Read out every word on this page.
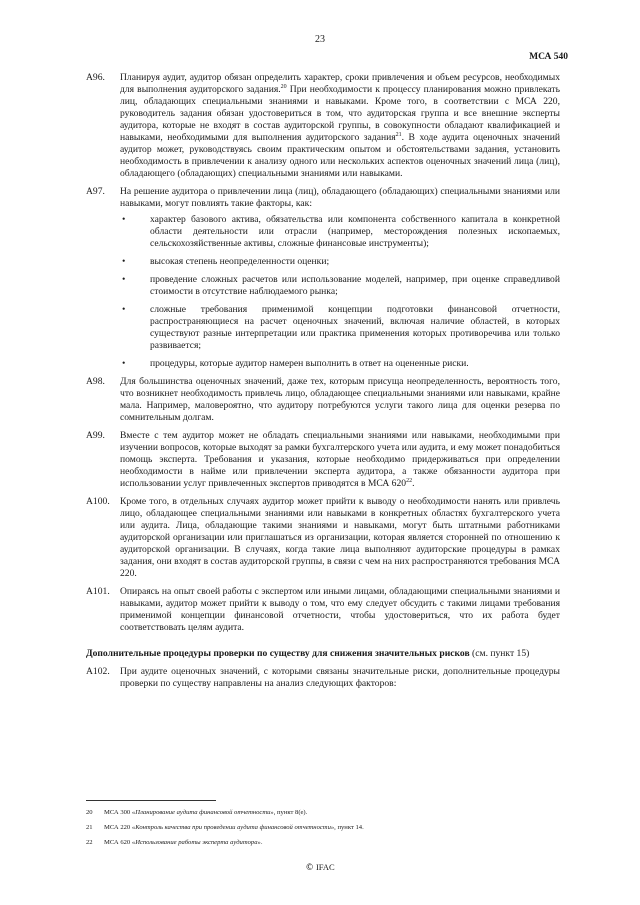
23
МСА 540
А96.	Планируя аудит, аудитор обязан определить характер, сроки привлечения и объем ресурсов, необходимых для выполнения аудиторского задания.$^{20}$ При необходимости к процессу планирования можно привлекать лиц, обладающих специальными знаниями и навыками. Кроме того, в соответствии с МСА 220, руководитель задания обязан удостовериться в том, что аудиторская группа и все внешние эксперты аудитора, которые не входят в состав аудиторской группы, в совокупности обладают квалификацией и навыками, необходимыми для выполнения аудиторского задания$^{21}$. В ходе аудита оценочных значений аудитор может, руководствуясь своим практическим опытом и обстоятельствами задания, установить необходимость в привлечении к анализу одного или нескольких аспектов оценочных значений лица (лиц), обладающего (обладающих) специальными знаниями или навыками.
А97.	На решение аудитора о привлечении лица (лиц), обладающего (обладающих) специальными знаниями или навыками, могут повлиять такие факторы, как:
•	характер базового актива, обязательства или компонента собственного капитала в конкретной области деятельности или отрасли (например, месторождения полезных ископаемых, сельскохозяйственные активы, сложные финансовые инструменты);
•	высокая степень неопределенности оценки;
•	проведение сложных расчетов или использование моделей, например, при оценке справедливой стоимости в отсутствие наблюдаемого рынка;
•	сложные требования применимой концепции подготовки финансовой отчетности, распространяющиеся на расчет оценочных значений, включая наличие областей, в которых существуют разные интерпретации или практика применения которых противоречива или только развивается;
•	процедуры, которые аудитор намерен выполнить в ответ на оцененные риски.
А98.	Для большинства оценочных значений, даже тех, которым присуща неопределенность, вероятность того, что возникнет необходимость привлечь лицо, обладающее специальными знаниями или навыками, крайне мала. Например, маловероятно, что аудитору потребуются услуги такого лица для оценки резерва по сомнительным долгам.
А99.	Вместе с тем аудитор может не обладать специальными знаниями или навыками, необходимыми при изучении вопросов, которые выходят за рамки бухгалтерского учета или аудита, и ему может понадобиться помощь эксперта. Требования и указания, которые необходимо придерживаться при определении необходимости в найме или привлечении эксперта аудитора, а также обязанности аудитора при использовании услуг привлеченных экспертов приводятся в МСА $620^{22}$.
А100.	Кроме того, в отдельных случаях аудитор может прийти к выводу о необходимости нанять или привлечь лицо, обладающее специальными знаниями или навыками в конкретных областях бухгалтерского учета или аудита. Лица, обладающие такими знаниями и навыками, могут быть штатными работниками аудиторской организации или приглашаться из организации, которая является сторонней по отношению к аудиторской организации. В случаях, когда такие лица выполняют аудиторские процедуры в рамках задания, они входят в состав аудиторской группы, в связи с чем на них распространяются требования МСА 220.
А101.	Опираясь на опыт своей работы с экспертом или иными лицами, обладающими специальными знаниями и навыками, аудитор может прийти к выводу о том, что ему следует обсудить с такими лицами требования применимой концепции финансовой отчетности, чтобы удостовериться, что их работа будет соответствовать целям аудита.
Дополнительные процедуры проверки по существу для снижения значительных рисков (см. пункт 15)
А102.	При аудите оценочных значений, с которыми связаны значительные риски, дополнительные процедуры проверки по существу направлены на анализ следующих факторов:
20	МСА 300 «Планирование аудита финансовой отчетности», пункт 8(е).
21	МСА 220 «Контроль качества при проведении аудита финансовой отчетности», пункт 14.
22	МСА 620 «Использование работы эксперта аудитора».
© IFAC
